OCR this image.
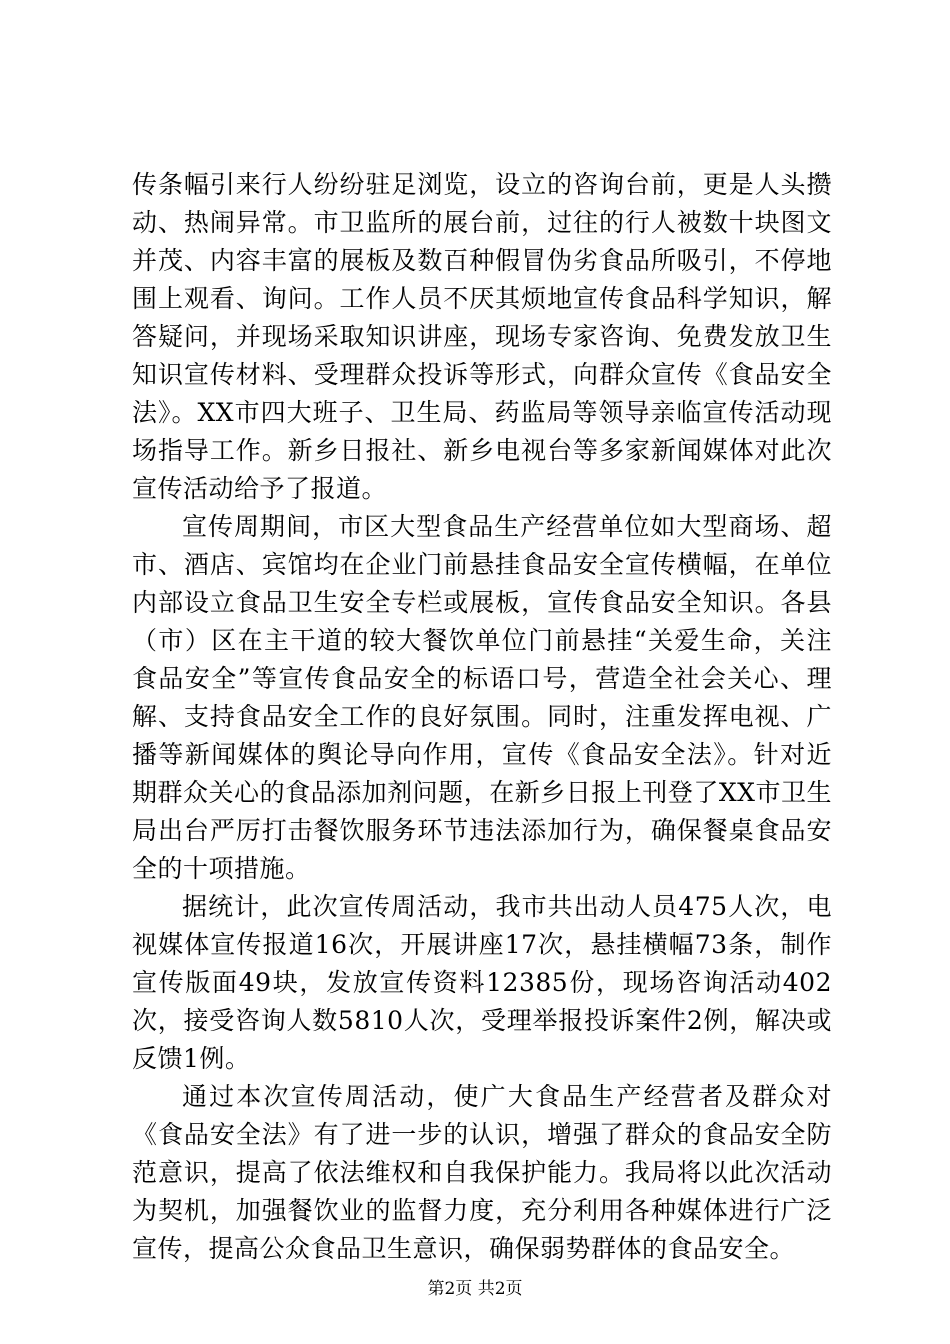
传条幅引来行人纷纷驻足浏览，设立的咨询台前，更是人头攒动、热闹异常。市卫监所的展台前，过往的行人被数十块图文并茂、内容丰富的展板及数百种假冒伪劣食品所吸引，不停地围上观看、询问。工作人员不厌其烦地宣传食品科学知识，解答疑问，并现场采取知识讲座，现场专家咨询、免费发放卫生知识宣传材料、受理群众投诉等形式，向群众宣传《食品安全法》。XX市四大班子、卫生局、药监局等领导亲临宣传活动现场指导工作。新乡日报社、新乡电视台等多家新闻媒体对此次宣传活动给予了报道。

宣传周期间，市区大型食品生产经营单位如大型商场、超市、酒店、宾馆均在企业门前悬挂食品安全宣传横幅，在单位内部设立食品卫生安全专栏或展板，宣传食品安全知识。各县（市）区在主干道的较大餐饮单位门前悬挂“关爱生命，关注食品安全”等宣传食品安全的标语口号，营造全社会关心、理解、支持食品安全工作的良好氛围。同时，注重发挥电视、广播等新闻媒体的舆论导向作用，宣传《食品安全法》。针对近期群众关心的食品添加剂问题，在新乡日报上刊登了XX市卫生局出台严厉打击餐饮服务环节违法添加行为，确保餐桌食品安全的十项措施。

据统计，此次宣传周活动，我市共出动人员475人次，电视媒体宣传报道16次，开展讲座17次，悬挂横幅73条，制作宣传版面49块，发放宣传资料12385份，现场咨询活动402次，接受咨询人数5810人次，受理举报投诉案件2例，解决或反馈1例。

通过本次宣传周活动，使广大食品生产经营者及群众对《食品安全法》有了进一步的认识，增强了群众的食品安全防范意识，提高了依法维权和自我保护能力。我局将以此次活动为契机，加强餐饮业的监督力度，充分利用各种媒体进行广泛宣传，提高公众食品卫生意识，确保弱势群体的食品安全。

第2页 共2页
